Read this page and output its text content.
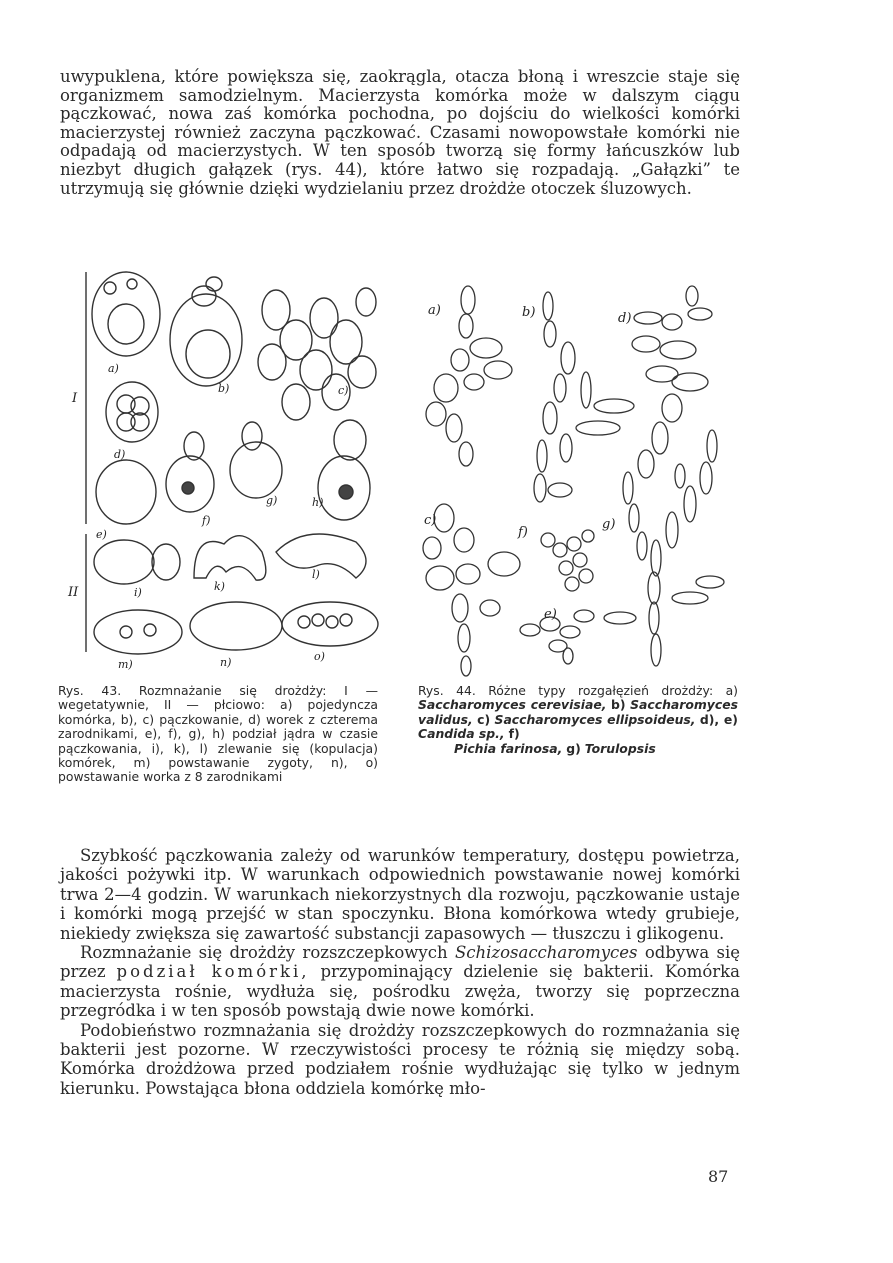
uwypuklena, które powiększa się, zaokrągla, otacza błoną i wreszcie staje się organizmem samodzielnym. Macierzysta komórka może w dalszym ciągu pączkować, nowa zaś komórka pochodna, po dojściu do wielkości komórki macierzystej również zaczyna pączkować. Czasami nowopowstałe komórki nie odpadają od macierzystych. W ten sposób tworzą się formy łańcuszków lub niezbyt długich gałązek (rys. 44), które łatwo się rozpadają. „Gałązki” te utrzymują się głównie dzięki wydzielaniu przez drożdże otoczek śluzowych.

I
II
a)
b)	c)
d)
e)
f)
g)	h)
i)	k)
l)
m)	n)	o)
a)	b)
c)
d)
e)
f)
g)

Rys. 43. Rozmnażanie się drożdży: I — wegetatywnie, II — płciowo: a) pojedyncza komórka, b), c) pączkowanie, d) worek z czterema zarodnikami, e), f), g), h) podział jądra w czasie pączkowania, i), k), l) zlewanie się (kopulacja) komórek, m) powstawanie zygoty, n), o) powstawanie worka z 8 zarodnikami

Rys. 44. Różne typy rozgałęzień drożdży: a) Saccharomyces cerevisiae, b) Saccharomyces validus, c) Saccharomyces ellipsoideus, d), e) Candida sp., f)
Pichia farinosa, g) Torulopsis

Szybkość pączkowania zależy od warunków temperatury, dostępu powietrza, jakości pożywki itp. W warunkach odpowiednich powstawanie nowej komórki trwa 2—4 godzin. W warunkach niekorzystnych dla rozwoju, pączkowanie ustaje i komórki mogą przejść w stan spoczynku. Błona komórkowa wtedy grubieje, niekiedy zwiększa się zawartość substancji zapasowych — tłuszczu i glikogenu.

Rozmnażanie się drożdży rozszczepkowych Schizosaccharomyces odbywa się przez podział komórki, przypominający dzielenie się bakterii. Komórka macierzysta rośnie, wydłuża się, pośrodku zwęża, tworzy się poprzeczna przegródka i w ten sposób powstają dwie nowe komórki.

Podobieństwo rozmnażania się drożdży rozszczepkowych do rozmnażania się bakterii jest pozorne. W rzeczywistości procesy te różnią się między sobą. Komórka drożdżowa przed podziałem rośnie wydłużając się tylko w jednym kierunku. Powstająca błona oddziela komórkę mło-

87
